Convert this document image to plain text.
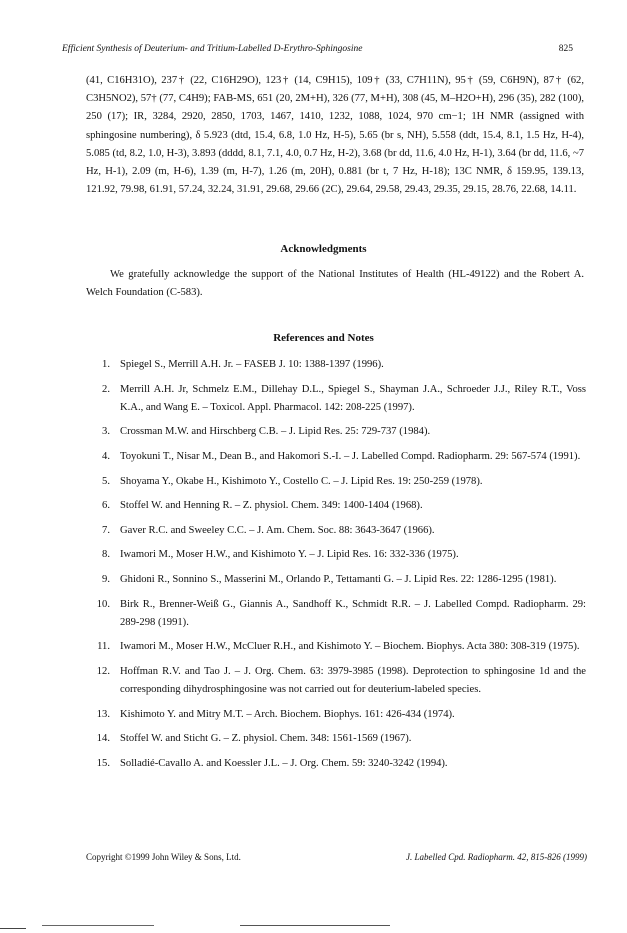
Efficient Synthesis of Deuterium- and Tritium-Labelled D-Erythro-Sphingosine	825

(41, C16H31O), 237† (22, C16H29O), 123† (14, C9H15), 109† (33, C7H11N), 95† (59, C6H9N), 87† (62, C3H5NO2), 57† (77, C4H9); FAB-MS, 651 (20, 2M+H), 326 (77, M+H), 308 (45, M–H2O+H), 296 (35), 282 (100), 250 (17); IR, 3284, 2920, 2850, 1703, 1467, 1410, 1232, 1088, 1024, 970 cm−1; 1H NMR (assigned with sphingosine numbering), δ 5.923 (dtd, 15.4, 6.8, 1.0 Hz, H-5), 5.65 (br s, NH), 5.558 (ddt, 15.4, 8.1, 1.5 Hz, H-4), 5.085 (td, 8.2, 1.0, H-3), 3.893 (dddd, 8.1, 7.1, 4.0, 0.7 Hz, H-2), 3.68 (br dd, 11.6, 4.0 Hz, H-1), 3.64 (br dd, 11.6, ~7 Hz, H-1), 2.09 (m, H-6), 1.39 (m, H-7), 1.26 (m, 20H), 0.881 (br t, 7 Hz, H-18); 13C NMR, δ 159.95, 139.13, 121.92, 79.98, 61.91, 57.24, 32.24, 31.91, 29.68, 29.66 (2C), 29.64, 29.58, 29.43, 29.35, 29.15, 28.76, 22.68, 14.11.

Acknowledgments

We gratefully acknowledge the support of the National Institutes of Health (HL-49122) and the Robert A. Welch Foundation (C-583).

References and Notes
1. Spiegel S., Merrill A.H. Jr. – FASEB J. 10: 1388-1397 (1996).
2. Merrill A.H. Jr, Schmelz E.M., Dillehay D.L., Spiegel S., Shayman J.A., Schroeder J.J., Riley R.T., Voss K.A., and Wang E. – Toxicol. Appl. Pharmacol. 142: 208-225 (1997).
3. Crossman M.W. and Hirschberg C.B. – J. Lipid Res. 25: 729-737 (1984).
4. Toyokuni T., Nisar M., Dean B., and Hakomori S.-I. – J. Labelled Compd. Radiopharm. 29: 567-574 (1991).
5. Shoyama Y., Okabe H., Kishimoto Y., Costello C. – J. Lipid Res. 19: 250-259 (1978).
6. Stoffel W. and Henning R. – Z. physiol. Chem. 349: 1400-1404 (1968).
7. Gaver R.C. and Sweeley C.C. – J. Am. Chem. Soc. 88: 3643-3647 (1966).
8. Iwamori M., Moser H.W., and Kishimoto Y. – J. Lipid Res. 16: 332-336 (1975).
9. Ghidoni R., Sonnino S., Masserini M., Orlando P., Tettamanti G. – J. Lipid Res. 22: 1286-1295 (1981).
10. Birk R., Brenner-Weiß G., Giannis A., Sandhoff K., Schmidt R.R. – J. Labelled Compd. Radiopharm. 29: 289-298 (1991).
11. Iwamori M., Moser H.W., McCluer R.H., and Kishimoto Y. – Biochem. Biophys. Acta 380: 308-319 (1975).
12. Hoffman R.V. and Tao J. – J. Org. Chem. 63: 3979-3985 (1998). Deprotection to sphingosine 1d and the corresponding dihydrosphingosine was not carried out for deuterium-labeled species.
13. Kishimoto Y. and Mitry M.T. – Arch. Biochem. Biophys. 161: 426-434 (1974).
14. Stoffel W. and Sticht G. – Z. physiol. Chem. 348: 1561-1569 (1967).
15. Solladié-Cavallo A. and Koessler J.L. – J. Org. Chem. 59: 3240-3242 (1994).
Copyright ©1999 John Wiley & Sons, Ltd.	J. Labelled Cpd. Radiopharm. 42, 815-826 (1999)
